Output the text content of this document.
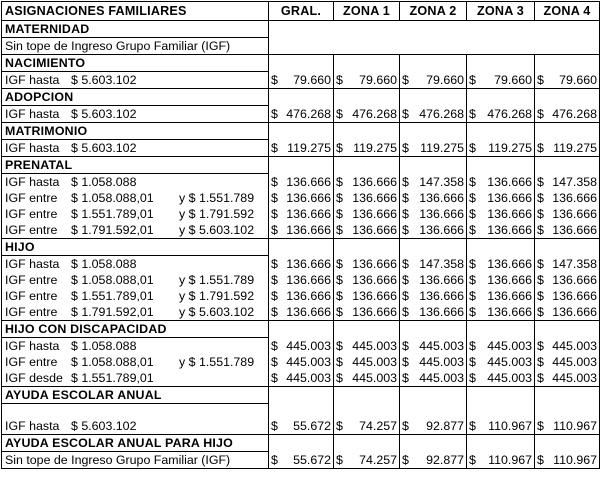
ASIGNACIONES FAMILIARES	GRAL.	ZONA 1	ZONA 2	ZONA 3	ZONA 4
MATERNIDAD					

Sin tope de Ingreso Grupo Familiar (IGF)					

NACIMIENTO					

IGF hasta $ 5.603.102	$ 79.660	$ 79.660	$ 79.660	$ 79.660	$ 79.660
ADOPCION					

IGF hasta $ 5.603.102	$ 476.268	$ 476.268	$ 476.268	$ 476.268	$ 476.268
MATRIMONIO					

IGF hasta $ 5.603.102	$ 119.275	$ 119.275	$ 119.275	$ 119.275	$ 119.275
PRENATAL					

IGF hasta $ 1.058.088	$ 136.666	$ 136.666	$ 147.358	$ 136.666	$ 147.358

IGF entre $ 1.058.088,01 y $ 1.551.789	$ 136.666	$ 136.666	$ 136.666	$ 136.666	$ 136.666

IGF entre $ 1.551.789,01 y $ 1.791.592	$ 136.666	$ 136.666	$ 136.666	$ 136.666	$ 136.666

IGF entre $ 1.791.592,01 y $ 5.603.102	$ 136.666	$ 136.666	$ 136.666	$ 136.666	$ 136.666
HIJO					

IGF hasta $ 1.058.088	$ 136.666	$ 136.666	$ 147.358	$ 136.666	$ 147.358

IGF entre $ 1.058.088,01 y $ 1.551.789	$ 136.666	$ 136.666	$ 136.666	$ 136.666	$ 136.666

IGF entre $ 1.551.789,01 y $ 1.791.592	$ 136.666	$ 136.666	$ 136.666	$ 136.666	$ 136.666

IGF entre $ 1.791.592,01 y $ 5.603.102	$ 136.666	$ 136.666	$ 136.666	$ 136.666	$ 136.666
HIJO CON DISCAPACIDAD					

IGF hasta $ 1.058.088	$ 445.003	$ 445.003	$ 445.003	$ 445.003	$ 445.003

IGF entre $ 1.058.088,01 y $ 1.551.789	$ 445.003	$ 445.003	$ 445.003	$ 445.003	$ 445.003

IGF desde $ 1.551.789,01	$ 445.003	$ 445.003	$ 445.003	$ 445.003	$ 445.003
AYUDA ESCOLAR ANUAL					

IGF hasta $ 5.603.102	$ 55.672	$ 74.257	$ 92.877	$ 110.967	$ 110.967
AYUDA ESCOLAR ANUAL PARA HIJO					

Sin tope de Ingreso Grupo Familiar (IGF)	$ 55.672	$ 74.257	$ 92.877	$ 110.967	$ 110.967
